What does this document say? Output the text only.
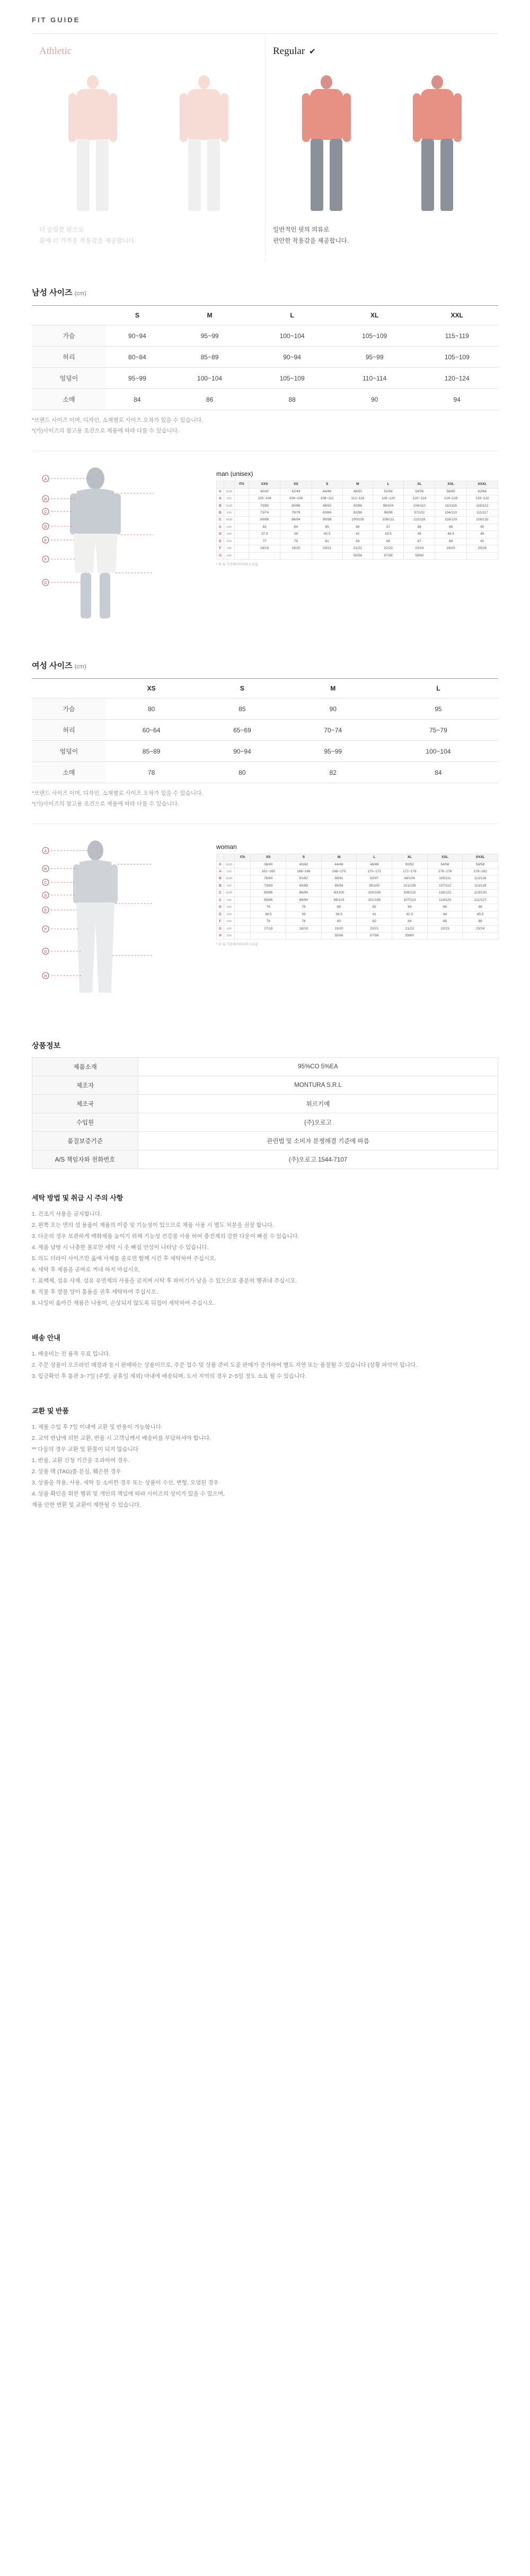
FIT GUIDE
Athletic
더 슬림한 핏으로
몸에 더 가까운 착용감을 제공합니다.
Regular ✔
일반적인 핏의 의류로
편안한 착용감을 제공합니다.
남성 사이즈 (cm)
	S	M	L	XL	XXL
가슴	90~94	95~99	100~104	105~109	115~119
허리	80~84	85~89	90~94	95~99	105~109
엉덩이	95~99	100~104	105~109	110~114	120~124
소매	84	86	88	90	94
*브랜드 사이즈 이며, 디자인, 소재별로 사이즈 오차가 있을 수 있습니다.
*(가)사이즈의 참고용 조건으로 제품에 따라 다를 수 있습니다.
A
B
C
D
E
F
G
man (unisex)
		ITA	XXS	XS	S	M	L	XL	XXL	XXXL
A	inch		40/42	42/44	44/46	46/50	52/54	54/56	56/60	62/64
A	cm		100~104	104~108	108~112	112~116	116~120	120~124	124~128	128~132
B	inch		70/80	80/86	86/92	92/98	98/104	104/110	110/116	116/122
B	cm		73/74	79/79	83/84	92/96	96/98	97/102	104/110	111/117
C	inch		80/88	86/94	90/98	100/105	108/111	112/118	116/120	126/132
C	cm		82	84	85	86	87	88	89	90
D	cm		37.5	38	40.5	42	43.5	45	46.5	48
E	cm		77	79	81	83	85	87	89	91
F	cm		19/19	19/20	20/21	21/22	22/23	23/24	24/25	25/26
G	cm					55/56	57/58	59/60		
* 위 표 기준에서부터의 소요값
여성 사이즈 (cm)
	XS	S	M	L
가슴	80	85	90	95
허리	60~64	65~69	70~74	75~79
엉덩이	85~89	90~94	95~99	100~104
소매	78	80	82	84
*브랜드 사이즈 이며, 디자인, 소재별로 사이즈 오차가 있을 수 있습니다.
*(가)사이즈의 참고용 조건으로 제품에 따라 다를 수 있습니다.
A
B
C
D
E
F
G
H
woman
		ITA	XS	S	M	L	XL	XXL	XXXL
A	inch		38/40	40/42	44/46	46/48	50/52	54/56	56/58
A	cm		162~165	166~168	168~170	170~172	172~176	176~178	178~182
B	inch		76/80	81/82	88/91	92/97	98/104	105/111	112/118
B	cm		73/83	84/89	89/94	95/100	101/106	107/112	113/118
C	inch		80/86	86/94	90/100	100/108	108/115	116/122	123/130
C	cm		80/86	86/94	96/103	101/108	107/113	114/120	121/127
D	cm		76	78	80	82	84	86	88
E	cm		38.5	39	39.5	41	42.5	44	45.5
F	cm		76	78	80	82	84	86	88
G	cm		17/18	18/19	19/20	20/21	21/22	22/23	23/24
H	cm				55/56	57/58	59/60		
* 위 표 기준에서부터의 소요값
상품정보
제품소재	95%CO 5%EA
제조자	MONTURA S.R.L
제조국	튀르키예
수입원	(주)오로고
품질보증기준	관련법 및 소비자 분쟁해결 기준에 따름
A/S 책임자와 전화번호	(주)오로고 1544-7107
세탁 방법 및 취급 시 주의 사항
1. 건조기 사용을 금지합니다.
2. 왼쪽 오는 면의 섬 용품이 제품의 이중 및 기능성이 있으므로 제품 사용 시 별도 처분을 권장 합니다.
3. 다운의 경우 보관하게 백화제품 높이기 위해 기능성 건강물 사용 하여 충전제의 강한 다운이 빠질 수 있습니다.
4. 제품 남방 시 나충한 물로만 세탁 시 옷 빠짐 안상이 나타날 수 있습니다.
5. 의도 더라이 사이즈만 옳에 사제를 줄로먼 함께 시킨 후 세탁하여 주십시오.
6. 세탁 후 제품을 곧바로 꺼내 하지 마십시오.
7. 표백제, 섬유 샤제, 섬유 유연제의 사용을 금지며 시탁 후 피어기가 남을 수 있으므로 충분히 헹궈내 주십시오.
8. 직물 후 장물 양이 홀륨을 권후 세탁하여 주십시오.
9. 나일이 옳아간 제품은 나용이, 손상되지 않도록 뒤집어 세탁하여 주십시오.
배송 안내
1. 배송비는 전 품목 무료 입니다.
2. 주문 상품이 오프라인 매장과 동시 판매하는 상품이므로, 주문 접수 및 상품 준비 도중 판매가 증가하여 별도 지연 또는 품절될 수 있습니다 (상황 파악이 됩니다.
3. 입금확인 후 통관 3~7일 (주말, 공휴일 제외) 마내에 배송되며, 도서 지역의 경우 2~5일 정도 소요 될 수 있습니다.
교환 및 반품
1. 제품 수입 후 7일 이내에 교환 및 반품이 가능합니다.
2. 교역 반납에 의한 교환, 반품 시 고객님께서 배송비를 부담하셔야 합니다.
** 다음의 경우 교환 및 환불이 되지 않습니다
1. 반품, 교환 신청 기간을 초과하여 경우.
2. 상품 택 (TAG)를 분실, 훼손한 경우
3. 상품을 착용, 사용, 세탁 등 소비한 경우 또는 상품이 수선, 변형, 오염된 경우
4. 상품 확인을 위한 행위 및 개인의 책임에 따라 사이즈의 상이가 있을 수 있으며,
제품 안한 변환 및 교환이 제한될 수 있습니다.
